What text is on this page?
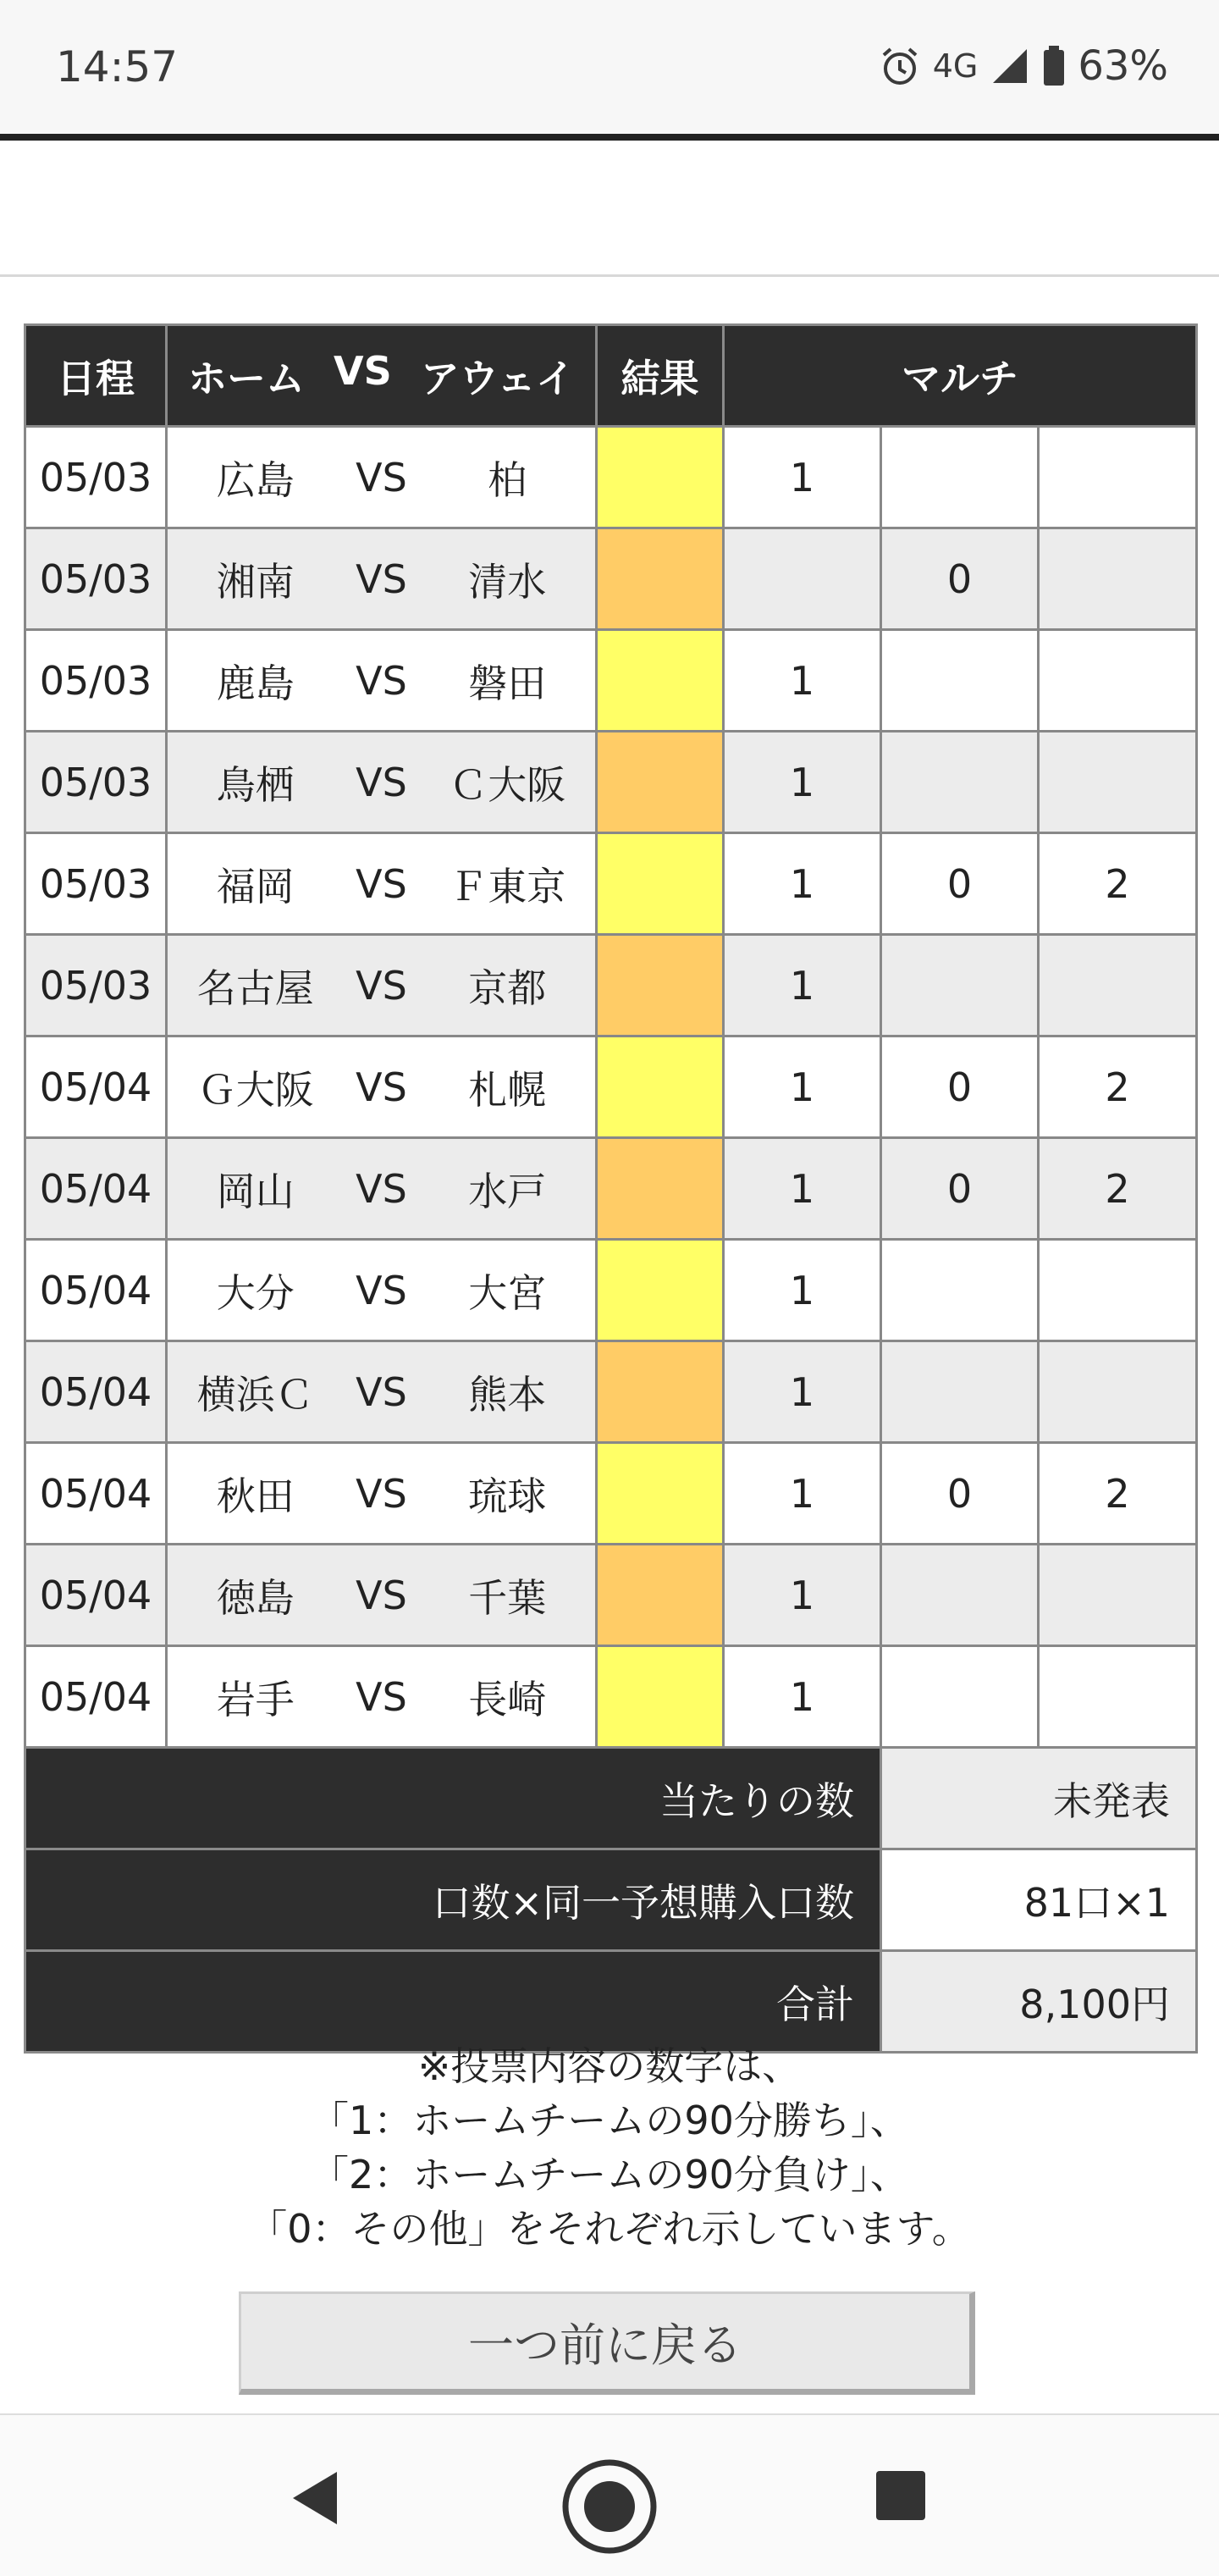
14:57	4G 63%
日程	ホーム VS アウェイ	結果	マルチ		
05/03	広島 VS 柏		1		
05/03	湘南 VS 清水			0	
05/03	鹿島 VS 磐田		1		
05/03	鳥栖 VS Ｃ大阪		1		
05/03	福岡 VS Ｆ東京		1	0	2
05/03	名古屋 VS 京都		1		
05/04	Ｇ大阪 VS 札幌		1	0	2
05/04	岡山 VS 水戸		1	0	2
05/04	大分 VS 大宮		1		
05/04	横浜Ｃ VS 熊本		1		
05/04	秋田 VS 琉球		1	0	2
05/04	徳島 VS 千葉		1		
05/04	岩手 VS 長崎		1		
当たりの数				未発表	
口数×同一予想購入口数				81口×1	
合計				8,100円	
※投票内容の数字は、
「1：ホームチームの90分勝ち」、
「2：ホームチームの90分負け」、
「0：その他」をそれぞれ示しています。
一つ前に戻る
